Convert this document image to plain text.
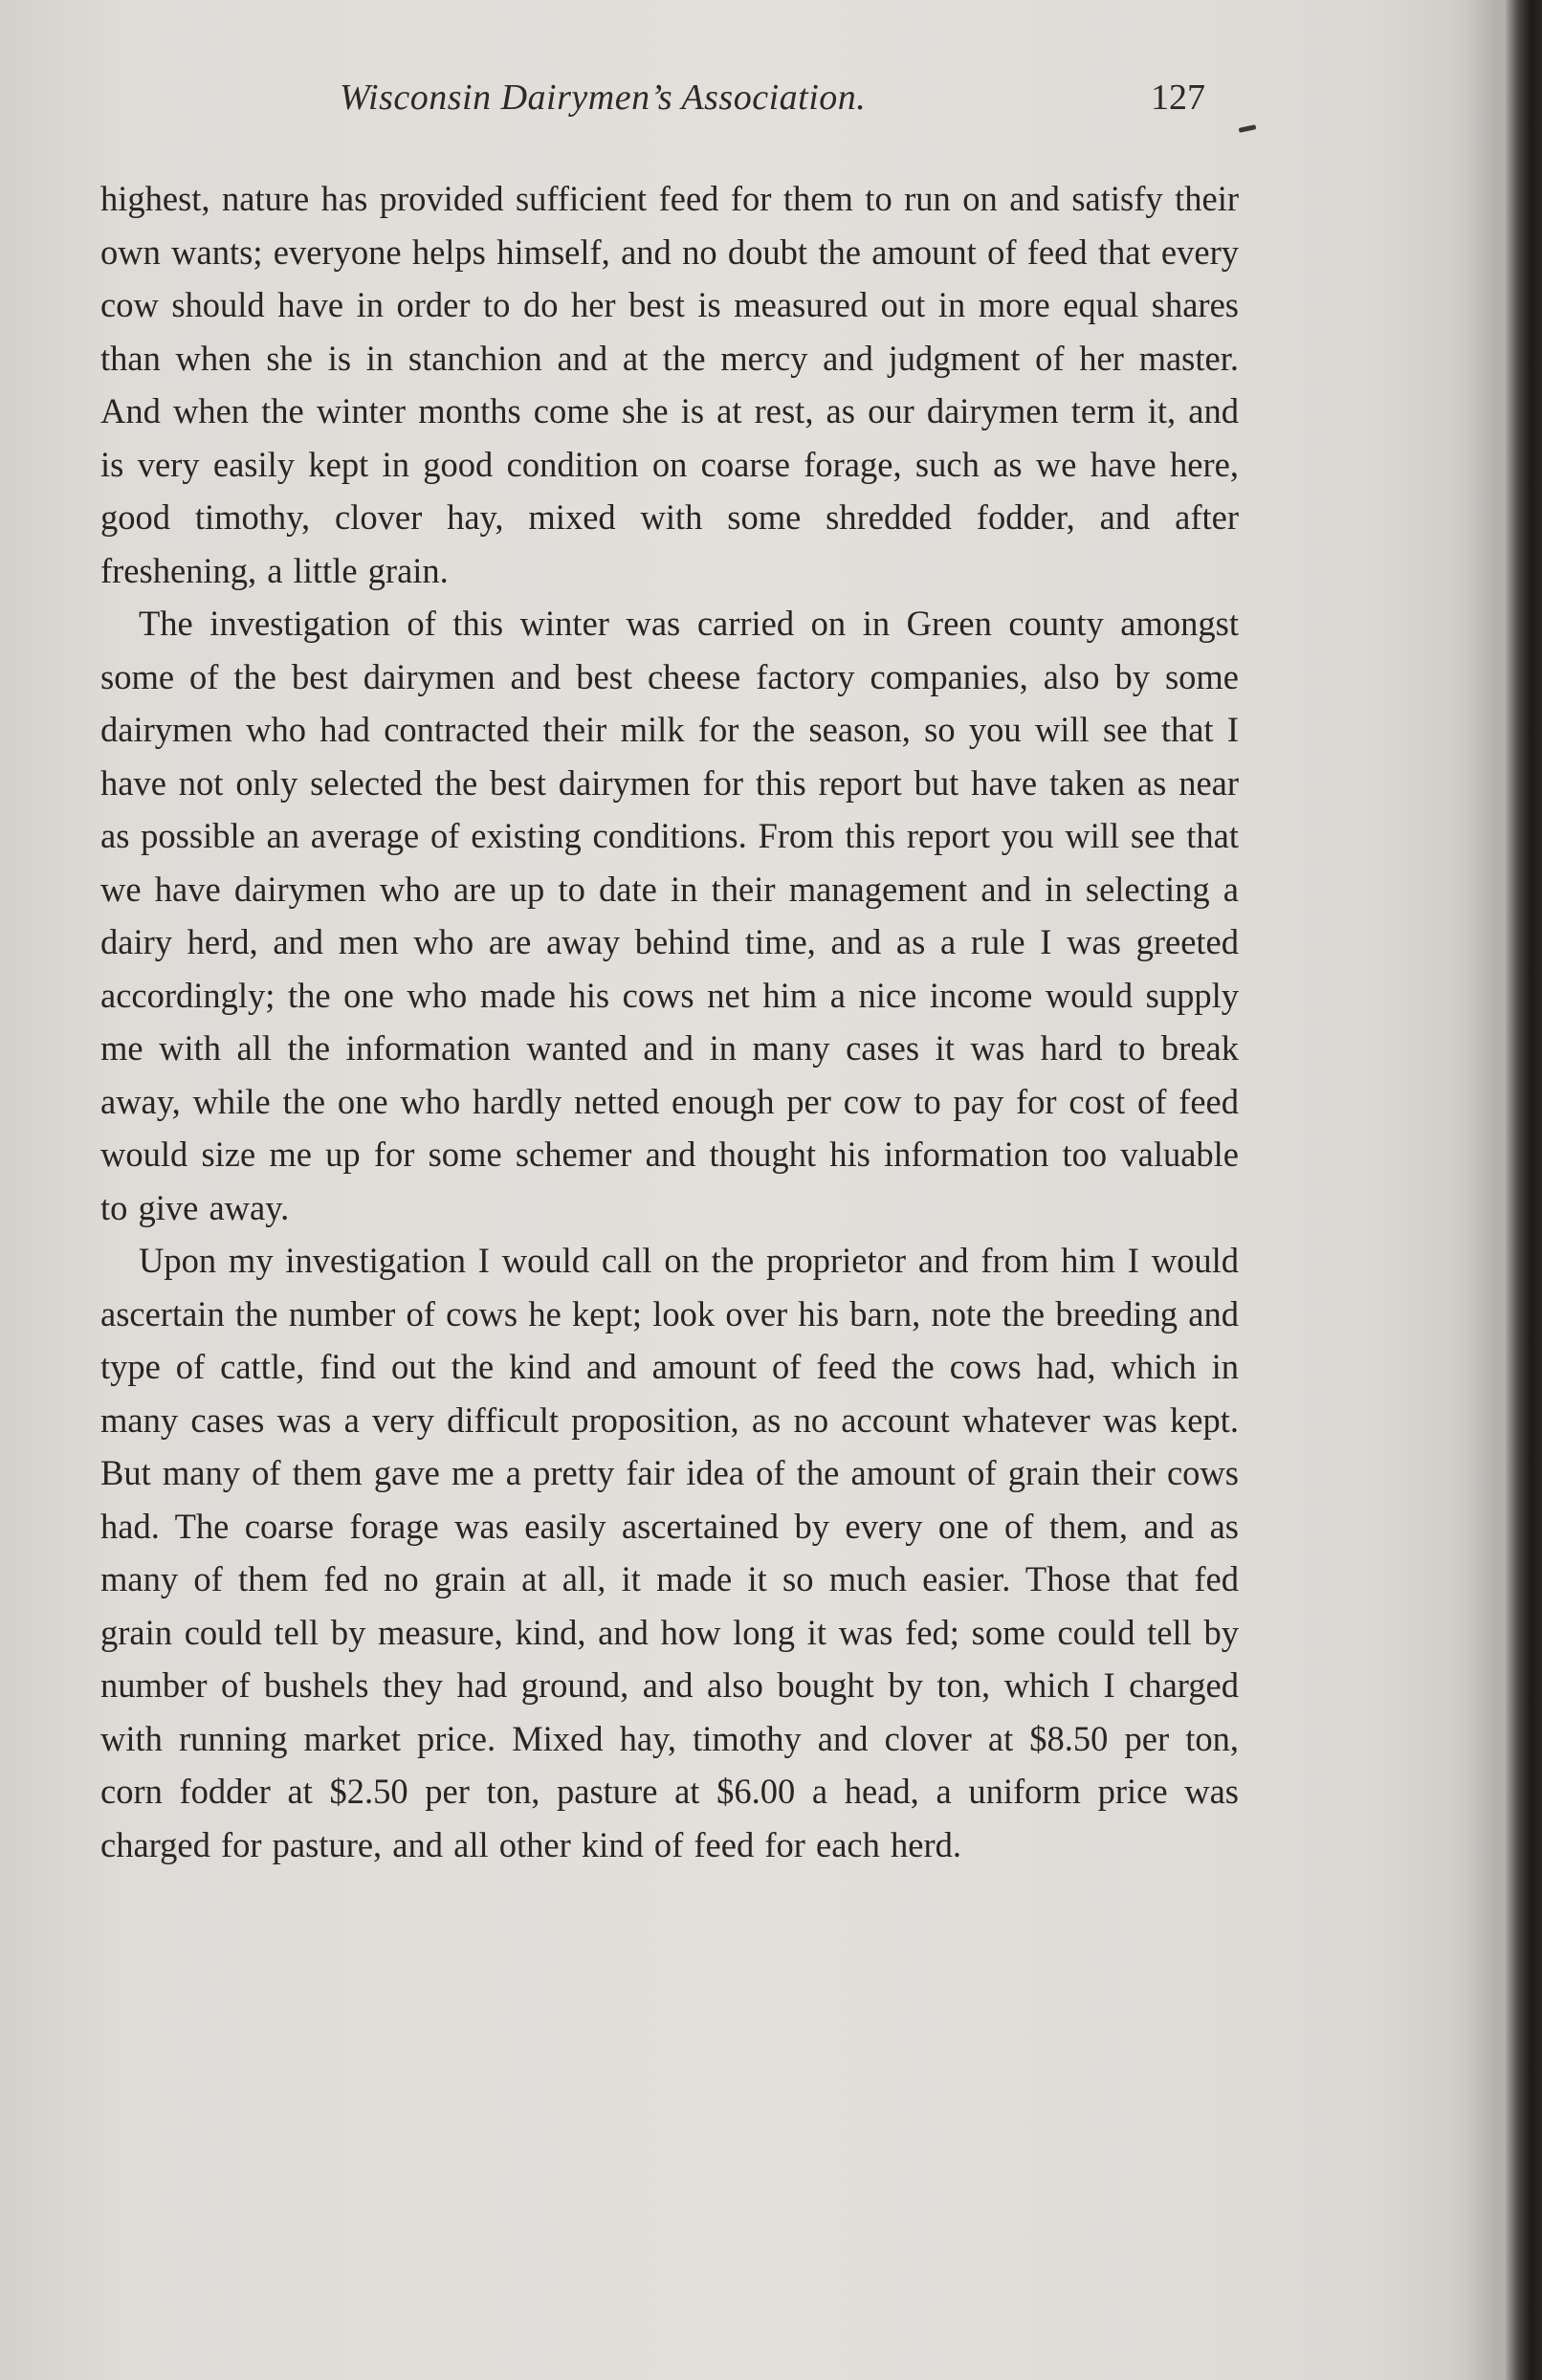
Wisconsin Dairymen’s Association.	127

highest, nature has provided sufficient feed for them to run on and satisfy their own wants; everyone helps himself, and no doubt the amount of feed that every cow should have in order to do her best is measured out in more equal shares than when she is in stanchion and at the mercy and judgment of her master. And when the winter months come she is at rest, as our dairymen term it, and is very easily kept in good condition on coarse forage, such as we have here, good timothy, clover hay, mixed with some shredded fodder, and after freshening, a little grain.

The investigation of this winter was carried on in Green county amongst some of the best dairymen and best cheese factory companies, also by some dairymen who had contracted their milk for the season, so you will see that I have not only selected the best dairymen for this report but have taken as near as possible an average of existing conditions. From this report you will see that we have dairymen who are up to date in their management and in selecting a dairy herd, and men who are away behind time, and as a rule I was greeted accordingly; the one who made his cows net him a nice income would supply me with all the information wanted and in many cases it was hard to break away, while the one who hardly netted enough per cow to pay for cost of feed would size me up for some schemer and thought his information too valuable to give away.

Upon my investigation I would call on the proprietor and from him I would ascertain the number of cows he kept; look over his barn, note the breeding and type of cattle, find out the kind and amount of feed the cows had, which in many cases was a very difficult proposition, as no account whatever was kept. But many of them gave me a pretty fair idea of the amount of grain their cows had. The coarse forage was easily ascertained by every one of them, and as many of them fed no grain at all, it made it so much easier. Those that fed grain could tell by measure, kind, and how long it was fed; some could tell by number of bushels they had ground, and also bought by ton, which I charged with running market price. Mixed hay, timothy and clover at $8.50 per ton, corn fodder at $2.50 per ton, pasture at $6.00 a head, a uniform price was charged for pasture, and all other kind of feed for each herd.
